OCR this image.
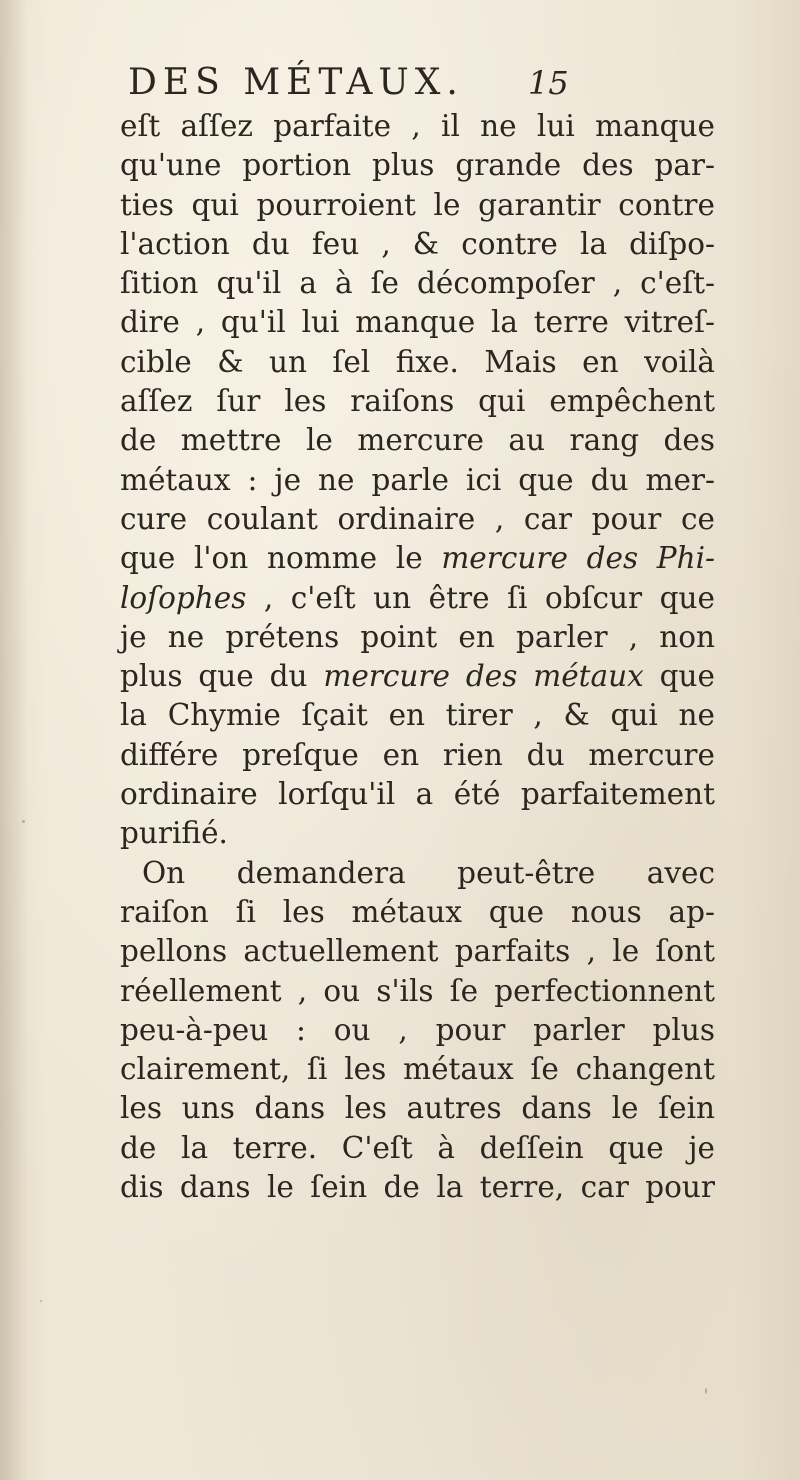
DES MÉTAUX. 15
eſt aſſez parfaite , il ne lui manque
qu'une portion plus grande des par-
ties qui pourroient le garantir contre
l'action du feu , & contre la diſpo-
ſition qu'il a à ſe décompoſer , c'eſt-
dire , qu'il lui manque la terre vitreſ-
cible & un ſel fixe. Mais en voilà
aſſez ſur les raiſons qui empêchent
de mettre le mercure au rang des
métaux : je ne parle ici que du mer-
cure coulant ordinaire , car pour ce
que l'on nomme le mercure des Phi-
loſophes , c'eſt un être ſi obſcur que
je ne prétens point en parler , non
plus que du mercure des métaux que
la Chymie ſçait en tirer , & qui ne
différe preſque en rien du mercure
ordinaire lorſqu'il a été parfaitement
purifié.
On demandera peut-être avec
raiſon ſi les métaux que nous ap-
pellons actuellement parfaits , le ſont
réellement , ou s'ils ſe perfectionnent
peu-à-peu : ou , pour parler plus
clairement, ſi les métaux ſe changent
les uns dans les autres dans le ſein
de la terre. C'eſt à deſſein que je
dis dans le ſein de la terre, car pour
